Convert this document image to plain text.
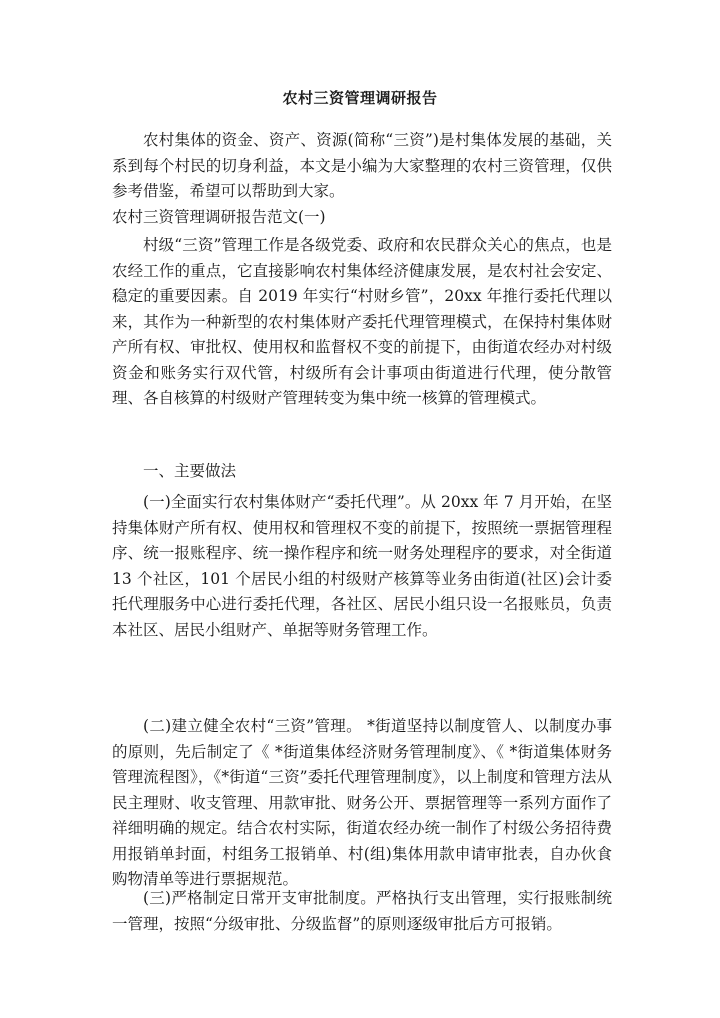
农村三资管理调研报告

农村集体的资金、资产、资源(简称“三资”)是村集体发展的基础，关系到每个村民的切身利益，本文是小编为大家整理的农村三资管理，仅供参考借鉴，希望可以帮助到大家。

农村三资管理调研报告范文(一)

村级“三资”管理工作是各级党委、政府和农民群众关心的焦点，也是农经工作的重点，它直接影响农村集体经济健康发展，是农村社会安定、稳定的重要因素。自 2019 年实行“村财乡管”，20xx 年推行委托代理以来，其作为一种新型的农村集体财产委托代理管理模式，在保持村集体财产所有权、审批权、使用权和监督权不变的前提下，由街道农经办对村级资金和账务实行双代管，村级所有会计事项由街道进行代理，使分散管理、各自核算的村级财产管理转变为集中统一核算的管理模式。

一、主要做法

(一)全面实行农村集体财产“委托代理”。从 20xx 年 7 月开始，在坚持集体财产所有权、使用权和管理权不变的前提下，按照统一票据管理程序、统一报账程序、统一操作程序和统一财务处理程序的要求，对全街道 13 个社区，101 个居民小组的村级财产核算等业务由街道(社区)会计委托代理服务中心进行委托代理，各社区、居民小组只设一名报账员，负责本社区、居民小组财产、单据等财务管理工作。

(二)建立健全农村“三资”管理。 *街道坚持以制度管人、以制度办事的原则，先后制定了《 *街道集体经济财务管理制度》、《 *街道集体财务管理流程图》，《*街道“三资”委托代理管理制度》，以上制度和管理方法从民主理财、收支管理、用款审批、财务公开、票据管理等一系列方面作了祥细明确的规定。结合农村实际，街道农经办统一制作了村级公务招待费用报销单封面，村组务工报销单、村(组)集体用款申请审批表，自办伙食购物清单等进行票据规范。

(三)严格制定日常开支审批制度。严格执行支出管理，实行报账制统一管理，按照“分级审批、分级监督”的原则逐级审批后方可报销。
